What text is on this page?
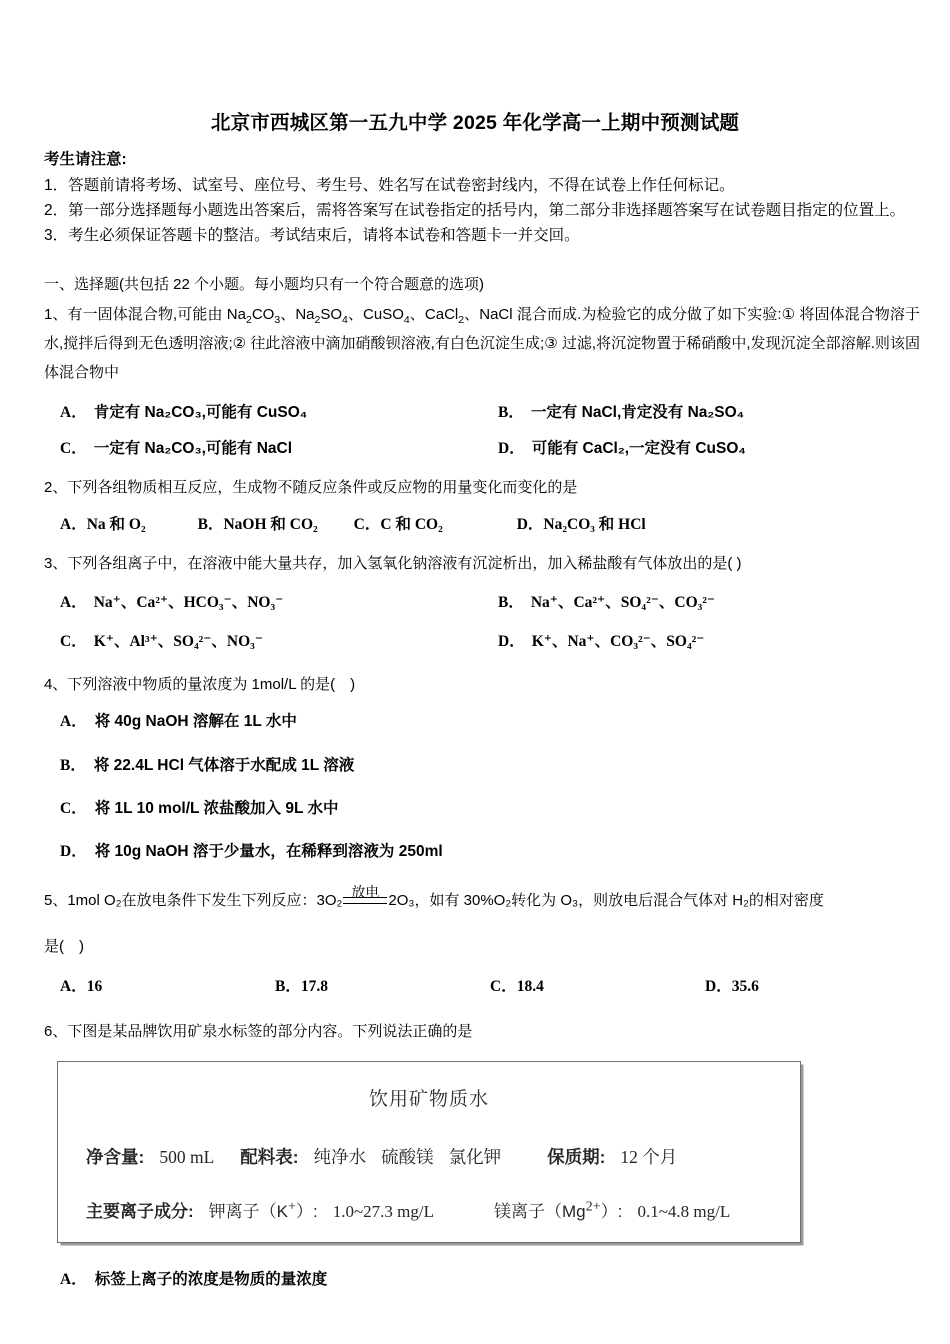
北京市西城区第一五九中学 2025 年化学高一上期中预测试题

考生请注意:

1．答题前请将考场、试室号、座位号、考生号、姓名写在试卷密封线内，不得在试卷上作任何标记。

2．第一部分选择题每小题选出答案后，需将答案写在试卷指定的括号内，第二部分非选择题答案写在试卷题目指定的位置上。

3．考生必须保证答题卡的整洁。考试结束后，请将本试卷和答题卡一并交回。

一、选择题(共包括 22 个小题。每小题均只有一个符合题意的选项)

1、有一固体混合物,可能由 $Na_2CO_3$、$Na_2SO_4$、CuSO$_4$、CaCl$_2$、NaCl 混合而成.为检验它的成分做了如下实验:① 将固体混合物溶于水,搅拌后得到无色透明溶液;② 往此溶液中滴加硝酸钡溶液,有白色沉淀生成;③ 过滤,将沉淀物置于稀硝酸中,发现沉淀全部溶解.则该固体混合物中

A． 肯定有 Na₂CO₃,可能有 CuSO₄	B． 一定有 NaCl,肯定没有 Na₂SO₄
C． 一定有 Na₂CO₃,可能有 NaCl	D． 可能有 CaCl₂,一定没有 CuSO₄

2、下列各组物质相互反应，生成物不随反应条件或反应物的用量变化而变化的是

A．Na 和 O₂	B．NaOH 和 CO₂ C．C 和 CO₂	D．Na₂CO₃ 和 HCl

3、下列各组离子中，在溶液中能大量共存，加入氢氧化钠溶液有沉淀析出，加入稀盐酸有气体放出的是( )

A． Na⁺、Ca²⁺、HCO₃⁻、NO₃⁻	B． Na⁺、Ca²⁺、SO₄²⁻、CO₃²⁻
C． K⁺、Al³⁺、SO₄²⁻、NO₃⁻	D． K⁺、Na⁺、CO₃²⁻、SO₄²⁻

4、下列溶液中物质的量浓度为 1mol/L 的是(　)

A． 将 40g NaOH 溶解在 1L 水中
B． 将 22.4L HCl 气体溶于水配成 1L 溶液
C． 将 1L 10 mol/L 浓盐酸加入 9L 水中
D． 将 10g NaOH 溶于少量水，在稀释到溶液为 250ml

5、1mol O₂在放电条件下发生下列反应：3O₂ 放电 2O₃，如有 30%O₂转化为 O₃，则放电后混合气体对 H₂的相对密度

是(　)

A．16	B．17.8	C．18.4	D．35.6

6、下图是某品牌饮用矿泉水标签的部分内容。下列说法正确的是

饮用矿物质水
净含量: 500 mL 配料表: 纯净水 硫酸镁 氯化钾	保质期: 12 个月
主要离子成分: 钾离子（K+）: 1.0~27.3 mg/L	镁离子$(Mg^{2+})$: 0.1~4.8 mg/L
A． 标签上离子的浓度是物质的量浓度
